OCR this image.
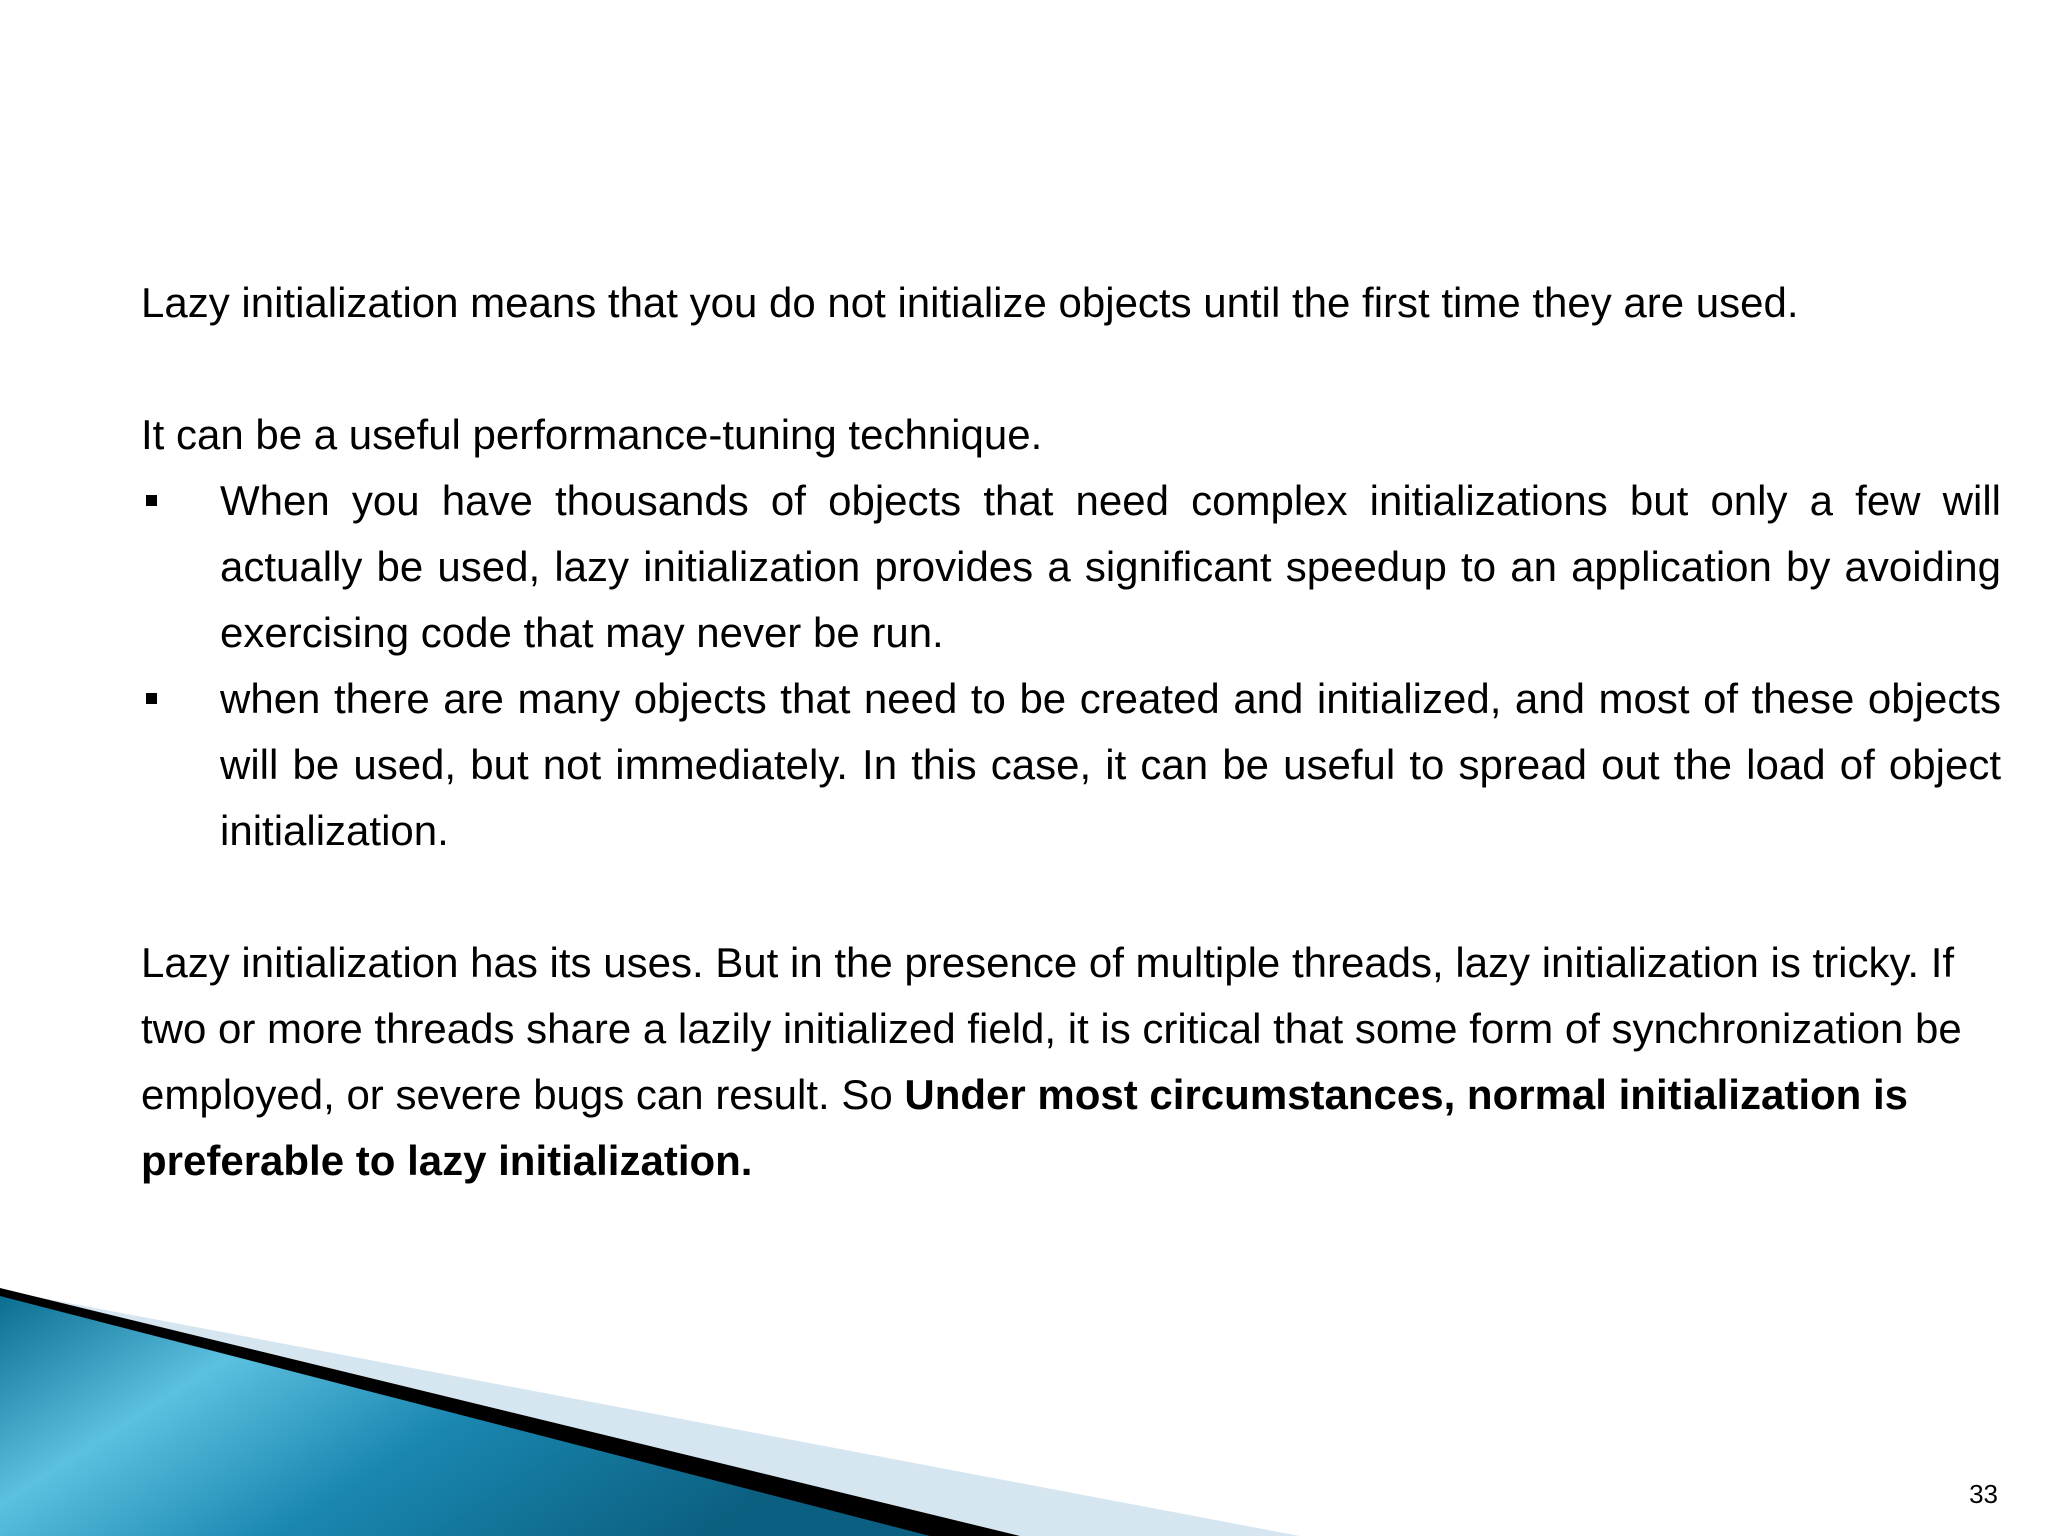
Lazy initialization means that you do not initialize objects until the first time they are used.

It can be a useful performance-tuning technique.

When you have thousands of objects that need complex initializations but only a few will actually be used, lazy initialization provides a significant speedup to an application by avoiding exercising code that may never be run.
when there are many objects that need to be created and initialized, and most of these objects will be used, but not immediately. In this case, it can be useful to spread out the load of object initialization.

Lazy initialization has its uses. But in the presence of multiple threads, lazy initialization is tricky. If two or more threads share a lazily initialized field, it is critical that some form of synchronization be employed, or severe bugs can result. So Under most circumstances, normal initialization is preferable to lazy initialization.

33
